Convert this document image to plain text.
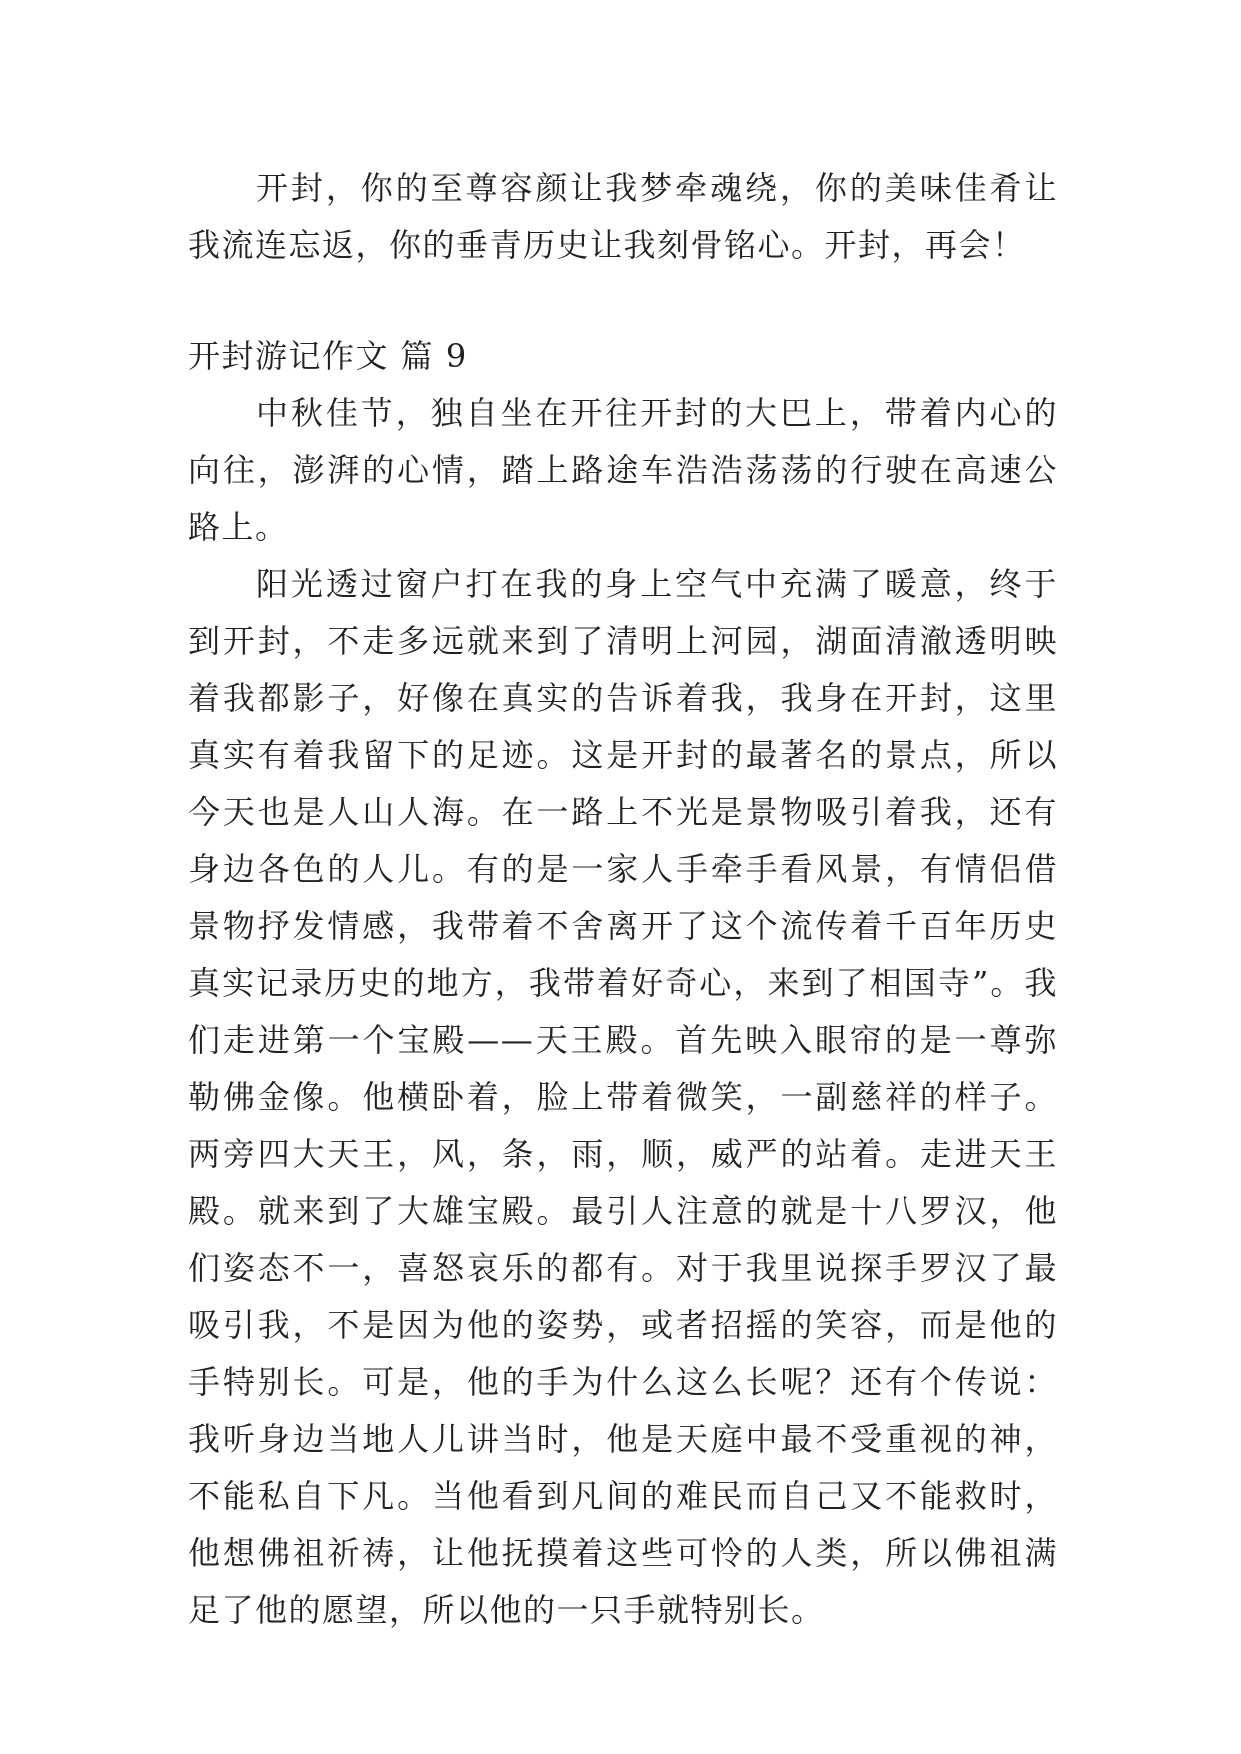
开封，你的至尊容颜让我梦牵魂绕，你的美味佳肴让我流连忘返，你的垂青历史让我刻骨铭心。开封，再会！

开封游记作文 篇 9

中秋佳节，独自坐在开往开封的大巴上，带着内心的向往，澎湃的心情，踏上路途车浩浩荡荡的行驶在高速公路上。

阳光透过窗户打在我的身上空气中充满了暖意，终于到开封，不走多远就来到了清明上河园，湖面清澈透明映着我都影子，好像在真实的告诉着我，我身在开封，这里真实有着我留下的足迹。这是开封的最著名的景点，所以今天也是人山人海。在一路上不光是景物吸引着我，还有身边各色的人儿。有的是一家人手牵手看风景，有情侣借景物抒发情感，我带着不舍离开了这个流传着千百年历史真实记录历史的地方，我带着好奇心，来到了相国寺”。我们走进第一个宝殿——天王殿。首先映入眼帘的是一尊弥勒佛金像。他横卧着，脸上带着微笑，一副慈祥的样子。两旁四大天王，风，条，雨，顺，威严的站着。走进天王殿。就来到了大雄宝殿。最引人注意的就是十八罗汉，他们姿态不一，喜怒哀乐的都有。对于我里说探手罗汉了最吸引我，不是因为他的姿势，或者招摇的笑容，而是他的手特别长。可是，他的手为什么这么长呢？还有个传说：我听身边当地人儿讲当时，他是天庭中最不受重视的神，不能私自下凡。当他看到凡间的难民而自己又不能救时，他想佛祖祈祷，让他抚摸着这些可怜的人类，所以佛祖满足了他的愿望，所以他的一只手就特别长。
